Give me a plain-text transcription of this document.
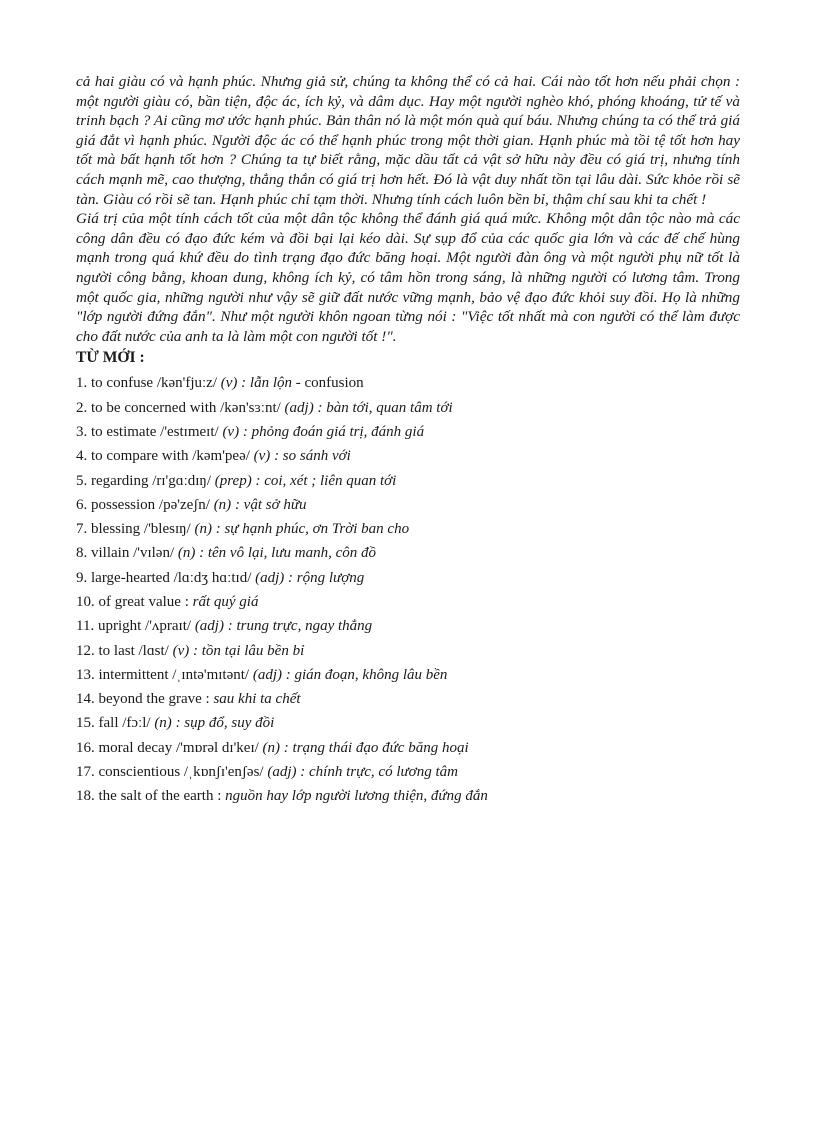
cả hai giàu có và hạnh phúc. Nhưng giả sử, chúng ta không thể có cả hai. Cái nào tốt hơn nếu phải chọn : một người giàu có, bần tiện, độc ác, ích kỷ, và dâm dục. Hay một người nghèo khó, phóng khoáng, tử tế và trinh bạch ? Ai cũng mơ ước hạnh phúc. Bản thân nó là một món quà quí báu. Nhưng chúng ta có thể trả giá giá đắt vì hạnh phúc. Người độc ác có thể hạnh phúc trong một thời gian. Hạnh phúc mà tồi tệ tốt hơn hay tốt mà bất hạnh tốt hơn ? Chúng ta tự biết rằng, mặc dầu tất cả vật sở hữu này đều có giá trị, nhưng tính cách mạnh mẽ, cao thượng, thẳng thắn có giá trị hơn hết. Đó là vật duy nhất tồn tại lâu dài. Sức khỏe rồi sẽ tàn. Giàu có rồi sẽ tan. Hạnh phúc chỉ tạm thời. Nhưng tính cách luôn bền bỉ, thậm chí sau khi ta chết !

Giá trị của một tính cách tốt của một dân tộc không thể đánh giá quá mức. Không một dân tộc nào mà các công dân đều có đạo đức kém và đồi bại lại kéo dài. Sự sụp đổ của các quốc gia lớn và các đế chế hùng mạnh trong quá khứ đều do tình trạng đạo đức băng hoại. Một người đàn ông và một người phụ nữ tốt là người công bằng, khoan dung, không ích kỷ, có tâm hồn trong sáng, là những người có lương tâm. Trong một quốc gia, những người như vậy sẽ giữ đất nước vững mạnh, bảo vệ đạo đức khỏi suy đồi. Họ là những "lớp người đứng đắn". Như một người khôn ngoan từng nói : "Việc tốt nhất mà con người có thể làm được cho đất nước của anh ta là làm một con người tốt !".

TỪ MỚI :
1. to confuse /kən'fjuːz/ (v) : lẫn lộn - confusion
2. to be concerned with /kən'sɜːnt/ (adj) : bàn tới, quan tâm tới
3. to estimate /'estɪmeɪt/ (v) : phỏng đoán giá trị, đánh giá
4. to compare with /kəm'peə/ (v) : so sánh với
5. regarding /rɪ'gɑːdɪŋ/ (prep) : coi, xét ; liên quan tới
6. possession /pə'zeʃn/ (n) : vật sở hữu
7. blessing /'blesɪŋ/ (n) : sự hạnh phúc, ơn Trời ban cho
8. villain /'vɪlən/ (n) : tên vô lại, lưu manh, côn đồ
9. large-hearted /lɑːdʒ hɑːtɪd/ (adj) : rộng lượng
10. of great value : rất quý giá
11. upright /'ʌpraɪt/ (adj) : trung trực, ngay thẳng
12. to last /lɑst/ (v) : tồn tại lâu bền bỉ
13. intermittent /ˌɪntə'mɪtənt/ (adj) : gián đoạn, không lâu bền
14. beyond the grave : sau khi ta chết
15. fall /fɔːl/ (n) : sụp đổ, suy đồi
16. moral decay /'mɒrəl dɪ'keɪ/ (n) : trạng thái đạo đức băng hoại
17. conscientious /ˌkɒnʃɪ'enʃəs/ (adj) : chính trực, có lương tâm
18. the salt of the earth : nguồn hay lớp người lương thiện, đứng đắn
